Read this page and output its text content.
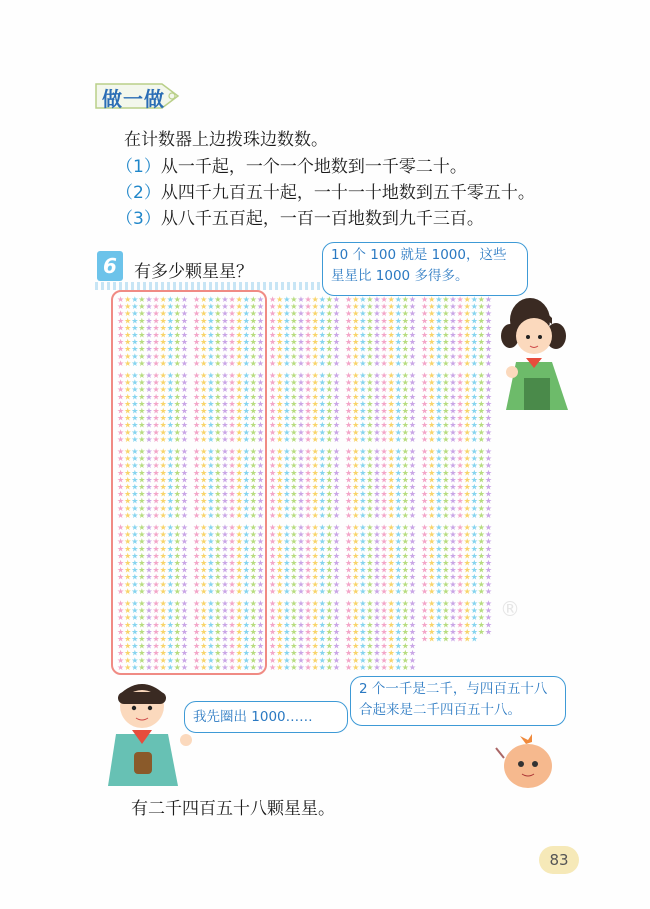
做一做
在计数器上边拨珠边数数。
（1）从一千起，一个一个地数到一千零二十。
（2）从四千九百五十起，一十一十地数到五千零五十。
（3）从八千五百起，一百一百地数到九千三百。
6	有多少颗星星？
10 个 100 就是 1000，这些
星星比 1000 多得多。
★ ★ ★ ★ ★ ★ ★ ★ ★ ★
★ ★ ★ ★ ★ ★ ★ ★ ★ ★
★ ★ ★ ★ ★ ★ ★ ★ ★ ★
★ ★ ★ ★ ★ ★ ★ ★ ★ ★
★ ★ ★ ★ ★ ★ ★ ★ ★ ★
★ ★ ★ ★ ★ ★ ★ ★ ★ ★
★ ★ ★ ★ ★ ★ ★ ★ ★ ★
★ ★ ★ ★ ★ ★ ★ ★ ★ ★
★ ★ ★ ★ ★ ★ ★ ★ ★ ★
★ ★ ★ ★ ★ ★ ★ ★ ★ ★
★ ★ ★ ★ ★ ★ ★ ★ ★ ★
★ ★ ★ ★ ★ ★ ★ ★ ★ ★
★ ★ ★ ★ ★ ★ ★ ★ ★ ★
★ ★ ★ ★ ★ ★ ★ ★ ★ ★
★ ★ ★ ★ ★ ★ ★ ★ ★ ★
★ ★ ★ ★ ★ ★ ★ ★ ★ ★
★ ★ ★ ★ ★ ★ ★ ★ ★ ★
★ ★ ★ ★ ★ ★ ★ ★ ★ ★
★ ★ ★ ★ ★ ★ ★ ★ ★ ★
★ ★ ★ ★ ★ ★ ★ ★ ★ ★
★ ★ ★ ★ ★ ★ ★ ★ ★ ★
★ ★ ★ ★ ★ ★ ★ ★ ★ ★
★ ★ ★ ★ ★ ★ ★ ★ ★ ★
★ ★ ★ ★ ★ ★ ★ ★ ★ ★
★ ★ ★ ★ ★ ★ ★ ★ ★ ★
★ ★ ★ ★ ★ ★ ★ ★ ★ ★
★ ★ ★ ★ ★ ★ ★ ★ ★ ★
★ ★ ★ ★ ★ ★ ★ ★ ★ ★
★ ★ ★ ★ ★ ★ ★ ★ ★ ★
★ ★ ★ ★ ★ ★ ★ ★ ★ ★
★ ★ ★ ★ ★ ★ ★ ★ ★ ★
★ ★ ★ ★ ★ ★ ★ ★ ★ ★
★ ★ ★ ★ ★ ★ ★ ★ ★ ★
★ ★ ★ ★ ★ ★ ★ ★ ★ ★
★ ★ ★ ★ ★ ★ ★ ★ ★ ★
★ ★ ★ ★ ★ ★ ★ ★ ★ ★
★ ★ ★ ★ ★ ★ ★ ★ ★ ★
★ ★ ★ ★ ★ ★ ★ ★ ★ ★
★ ★ ★ ★ ★ ★ ★ ★ ★ ★
★ ★ ★ ★ ★ ★ ★ ★ ★ ★
★ ★ ★ ★ ★ ★ ★ ★ ★ ★
★ ★ ★ ★ ★ ★ ★ ★ ★ ★
★ ★ ★ ★ ★ ★ ★ ★ ★ ★
★ ★ ★ ★ ★ ★ ★ ★ ★ ★
★ ★ ★ ★ ★ ★ ★ ★ ★ ★
★ ★ ★ ★ ★ ★ ★ ★ ★ ★
★ ★ ★ ★ ★ ★ ★ ★ ★ ★
★ ★ ★ ★ ★ ★ ★ ★ ★ ★
★ ★ ★ ★ ★ ★ ★ ★ ★ ★
★ ★ ★ ★ ★ ★ ★ ★ ★ ★
★ ★ ★ ★ ★ ★ ★ ★ ★ ★
★ ★ ★ ★ ★ ★ ★ ★ ★ ★
★ ★ ★ ★ ★ ★ ★ ★ ★ ★
★ ★ ★ ★ ★ ★ ★ ★ ★ ★
★ ★ ★ ★ ★ ★ ★ ★ ★ ★
★ ★ ★ ★ ★ ★ ★ ★ ★ ★
★ ★ ★ ★ ★ ★ ★ ★ ★ ★
★ ★ ★ ★ ★ ★ ★ ★ ★ ★
★ ★ ★ ★ ★ ★ ★ ★ ★ ★
★ ★ ★ ★ ★ ★ ★ ★ ★ ★
★ ★ ★ ★ ★ ★ ★ ★ ★ ★
★ ★ ★ ★ ★ ★ ★ ★ ★ ★
★ ★ ★ ★ ★ ★ ★ ★ ★ ★
★ ★ ★ ★ ★ ★ ★ ★ ★ ★
★ ★ ★ ★ ★ ★ ★ ★ ★ ★
★ ★ ★ ★ ★ ★ ★ ★ ★ ★
★ ★ ★ ★ ★ ★ ★ ★ ★ ★
★ ★ ★ ★ ★ ★ ★ ★ ★ ★
★ ★ ★ ★ ★ ★ ★ ★ ★ ★
★ ★ ★ ★ ★ ★ ★ ★ ★ ★
★ ★ ★ ★ ★ ★ ★ ★ ★ ★
★ ★ ★ ★ ★ ★ ★ ★ ★ ★
★ ★ ★ ★ ★ ★ ★ ★ ★ ★
★ ★ ★ ★ ★ ★ ★ ★ ★ ★
★ ★ ★ ★ ★ ★ ★ ★ ★ ★
★ ★ ★ ★ ★ ★ ★ ★ ★ ★
★ ★ ★ ★ ★ ★ ★ ★ ★ ★
★ ★ ★ ★ ★ ★ ★ ★ ★ ★
★ ★ ★ ★ ★ ★ ★ ★ ★ ★
★ ★ ★ ★ ★ ★ ★ ★ ★ ★
★ ★ ★ ★ ★ ★ ★ ★ ★ ★
★ ★ ★ ★ ★ ★ ★ ★ ★ ★
★ ★ ★ ★ ★ ★ ★ ★ ★ ★
★ ★ ★ ★ ★ ★ ★ ★ ★ ★
★ ★ ★ ★ ★ ★ ★ ★ ★ ★
★ ★ ★ ★ ★ ★ ★ ★ ★ ★
★ ★ ★ ★ ★ ★ ★ ★ ★ ★
★ ★ ★ ★ ★ ★ ★ ★ ★ ★
★ ★ ★ ★ ★ ★ ★ ★ ★ ★
★ ★ ★ ★ ★ ★ ★ ★ ★ ★
★ ★ ★ ★ ★ ★ ★ ★ ★ ★
★ ★ ★ ★ ★ ★ ★ ★ ★ ★
★ ★ ★ ★ ★ ★ ★ ★ ★ ★
★ ★ ★ ★ ★ ★ ★ ★ ★ ★
★ ★ ★ ★ ★ ★ ★ ★ ★ ★
★ ★ ★ ★ ★ ★ ★ ★ ★ ★
★ ★ ★ ★ ★ ★ ★ ★ ★ ★
★ ★ ★ ★ ★ ★ ★ ★ ★ ★
★ ★ ★ ★ ★ ★ ★ ★ ★ ★
★ ★ ★ ★ ★ ★ ★ ★ ★ ★
★ ★ ★ ★ ★ ★ ★ ★ ★ ★
★ ★ ★ ★ ★ ★ ★ ★ ★ ★
★ ★ ★ ★ ★ ★ ★ ★ ★ ★
★ ★ ★ ★ ★ ★ ★ ★ ★ ★
★ ★ ★ ★ ★ ★ ★ ★ ★ ★
★ ★ ★ ★ ★ ★ ★ ★ ★ ★
★ ★ ★ ★ ★ ★ ★ ★ ★ ★
★ ★ ★ ★ ★ ★ ★ ★ ★ ★
★ ★ ★ ★ ★ ★ ★ ★ ★ ★
★ ★ ★ ★ ★ ★ ★ ★ ★ ★
★ ★ ★ ★ ★ ★ ★ ★ ★ ★
★ ★ ★ ★ ★ ★ ★ ★ ★ ★
★ ★ ★ ★ ★ ★ ★ ★ ★ ★
★ ★ ★ ★ ★ ★ ★ ★ ★ ★
★ ★ ★ ★ ★ ★ ★ ★ ★ ★
★ ★ ★ ★ ★ ★ ★ ★ ★ ★
★ ★ ★ ★ ★ ★ ★ ★ ★ ★
★ ★ ★ ★ ★ ★ ★ ★ ★ ★
★ ★ ★ ★ ★ ★ ★ ★ ★ ★
★ ★ ★ ★ ★ ★ ★ ★ ★ ★
★ ★ ★ ★ ★ ★ ★ ★ ★ ★
★ ★ ★ ★ ★ ★ ★ ★ ★ ★
★ ★ ★ ★ ★ ★ ★ ★ ★ ★
★ ★ ★ ★ ★ ★ ★ ★ ★ ★
★ ★ ★ ★ ★ ★ ★ ★ ★ ★
★ ★ ★ ★ ★ ★ ★ ★ ★ ★
★ ★ ★ ★ ★ ★ ★ ★ ★ ★
★ ★ ★ ★ ★ ★ ★ ★ ★ ★
★ ★ ★ ★ ★ ★ ★ ★ ★ ★
★ ★ ★ ★ ★ ★ ★ ★ ★ ★
★ ★ ★ ★ ★ ★ ★ ★ ★ ★
★ ★ ★ ★ ★ ★ ★ ★ ★ ★
★ ★ ★ ★ ★ ★ ★ ★ ★ ★
★ ★ ★ ★ ★ ★ ★ ★ ★ ★
★ ★ ★ ★ ★ ★ ★ ★ ★ ★
★ ★ ★ ★ ★ ★ ★ ★ ★ ★
★ ★ ★ ★ ★ ★ ★ ★ ★ ★
★ ★ ★ ★ ★ ★ ★ ★ ★ ★
★ ★ ★ ★ ★ ★ ★ ★ ★ ★
★ ★ ★ ★ ★ ★ ★ ★ ★ ★
★ ★ ★ ★ ★ ★ ★ ★ ★ ★
★ ★ ★ ★ ★ ★ ★ ★ ★ ★
★ ★ ★ ★ ★ ★ ★ ★ ★ ★
★ ★ ★ ★ ★ ★ ★ ★ ★ ★
★ ★ ★ ★ ★ ★ ★ ★ ★ ★
★ ★ ★ ★ ★ ★ ★ ★ ★ ★
★ ★ ★ ★ ★ ★ ★ ★ ★ ★
★ ★ ★ ★ ★ ★ ★ ★ ★ ★
★ ★ ★ ★ ★ ★ ★ ★ ★ ★
★ ★ ★ ★ ★ ★ ★ ★ ★ ★
★ ★ ★ ★ ★ ★ ★ ★ ★ ★
★ ★ ★ ★ ★ ★ ★ ★ ★ ★
★ ★ ★ ★ ★ ★ ★ ★ ★ ★
★ ★ ★ ★ ★ ★ ★ ★ ★ ★
★ ★ ★ ★ ★ ★ ★ ★ ★ ★
★ ★ ★ ★ ★ ★ ★ ★ ★ ★
★ ★ ★ ★ ★ ★ ★ ★ ★ ★
★ ★ ★ ★ ★ ★ ★ ★ ★ ★
★ ★ ★ ★ ★ ★ ★ ★ ★ ★
★ ★ ★ ★ ★ ★ ★ ★ ★ ★
★ ★ ★ ★ ★ ★ ★ ★ ★ ★
★ ★ ★ ★ ★ ★ ★ ★ ★ ★
★ ★ ★ ★ ★ ★ ★ ★ ★ ★
★ ★ ★ ★ ★ ★ ★ ★ ★ ★
★ ★ ★ ★ ★ ★ ★ ★ ★ ★
★ ★ ★ ★ ★ ★ ★ ★ ★ ★
★ ★ ★ ★ ★ ★ ★ ★ ★ ★
★ ★ ★ ★ ★ ★ ★ ★ ★ ★
★ ★ ★ ★ ★ ★ ★ ★ ★ ★
★ ★ ★ ★ ★ ★ ★ ★ ★ ★
★ ★ ★ ★ ★ ★ ★ ★ ★ ★
★ ★ ★ ★ ★ ★ ★ ★ ★ ★
★ ★ ★ ★ ★ ★ ★ ★ ★ ★
★ ★ ★ ★ ★ ★ ★ ★ ★ ★
★ ★ ★ ★ ★ ★ ★ ★ ★ ★
★ ★ ★ ★ ★ ★ ★ ★ ★ ★
★ ★ ★ ★ ★ ★ ★ ★ ★ ★
★ ★ ★ ★ ★ ★ ★ ★ ★ ★
★ ★ ★ ★ ★ ★ ★ ★ ★ ★
★ ★ ★ ★ ★ ★ ★ ★ ★ ★
★ ★ ★ ★ ★ ★ ★ ★ ★ ★
★ ★ ★ ★ ★ ★ ★ ★ ★ ★
★ ★ ★ ★ ★ ★ ★ ★ ★ ★
★ ★ ★ ★ ★ ★ ★ ★ ★ ★
★ ★ ★ ★ ★ ★ ★ ★ ★ ★
★ ★ ★ ★ ★ ★ ★ ★ ★ ★
★ ★ ★ ★ ★ ★ ★ ★ ★ ★
★ ★ ★ ★ ★ ★ ★ ★ ★ ★
★ ★ ★ ★ ★ ★ ★ ★ ★ ★
★ ★ ★ ★ ★ ★ ★ ★ ★ ★
★ ★ ★ ★ ★ ★ ★ ★ ★ ★
★ ★ ★ ★ ★ ★ ★ ★ ★ ★
★ ★ ★ ★ ★ ★ ★ ★ ★ ★
★ ★ ★ ★ ★ ★ ★ ★ ★ ★
★ ★ ★ ★ ★ ★ ★ ★ ★ ★
★ ★ ★ ★ ★ ★ ★ ★ ★ ★
★ ★ ★ ★ ★ ★ ★ ★ ★ ★
★ ★ ★ ★ ★ ★ ★ ★ ★ ★
★ ★ ★ ★ ★ ★ ★ ★ ★ ★
★ ★ ★ ★ ★ ★ ★ ★ ★ ★
★ ★ ★ ★ ★ ★ ★ ★ ★ ★
★ ★ ★ ★ ★ ★ ★ ★ ★ ★
★ ★ ★ ★ ★ ★ ★ ★ ★ ★
★ ★ ★ ★ ★ ★ ★ ★ ★ ★
★ ★ ★ ★ ★ ★ ★ ★ ★ ★
★ ★ ★ ★ ★ ★ ★ ★ ★ ★
★ ★ ★ ★ ★ ★ ★ ★ ★ ★
★ ★ ★ ★ ★ ★ ★ ★ ★ ★
★ ★ ★ ★ ★ ★ ★ ★ ★ ★
★ ★ ★ ★ ★ ★ ★ ★ ★ ★
★ ★ ★ ★ ★ ★ ★ ★ ★ ★
★ ★ ★ ★ ★ ★ ★ ★ ★ ★
★ ★ ★ ★ ★ ★ ★ ★ ★ ★
★ ★ ★ ★ ★ ★ ★ ★ ★ ★
★ ★ ★ ★ ★ ★ ★ ★ ★ ★
★ ★ ★ ★ ★ ★ ★ ★ ★ ★
★ ★ ★ ★ ★ ★ ★ ★ ★ ★
★ ★ ★ ★ ★ ★ ★ ★ ★ ★
★ ★ ★ ★ ★ ★ ★ ★ ★ ★
★ ★ ★ ★ ★ ★ ★ ★ ★ ★
★ ★ ★ ★ ★ ★ ★ ★ ★ ★
★ ★ ★ ★ ★ ★ ★ ★ ★ ★
★ ★ ★ ★ ★ ★ ★ ★ ★ ★
★ ★ ★ ★ ★ ★ ★ ★ ★ ★
★ ★ ★ ★ ★ ★ ★ ★ ★ ★
★ ★ ★ ★ ★ ★ ★ ★ ★ ★
★ ★ ★ ★ ★ ★ ★ ★ ★ ★
★ ★ ★ ★ ★ ★ ★ ★ ★ ★
★ ★ ★ ★ ★ ★ ★ ★ ★ ★
★ ★ ★ ★ ★ ★ ★ ★ ★ ★
★ ★ ★ ★ ★ ★ ★ ★ ★ ★
★ ★ ★ ★ ★ ★ ★ ★ ★ ★
★ ★ ★ ★ ★ ★ ★ ★ ★ ★
★ ★ ★ ★ ★ ★ ★ ★ ★ ★
★ ★ ★ ★ ★ ★ ★ ★ ★ ★
★ ★ ★ ★ ★ ★ ★ ★ ★ ★
★ ★ ★ ★ ★ ★ ★ ★ ★ ★
★ ★ ★ ★ ★ ★ ★ ★ ★ ★
★ ★ ★ ★ ★ ★ ★ ★ ★ ★
★ ★ ★ ★ ★ ★ ★ ★ ★ ★
★ ★ ★ ★ ★ ★ ★ ★ ★ ★
★ ★ ★ ★ ★ ★ ★ ★ ★ ★
★ ★ ★ ★ ★ ★ ★ ★ ★ ★
★ ★ ★ ★ ★ ★ ★ ★ ★ ★
★ ★ ★ ★ ★ ★ ★ ★ ★ ★
★ ★ ★ ★ ★ ★ ★ ★
®
我先圈出 1000……
2 个一千是二千，与四百五十八
合起来是二千四百五十八。
有二千四百五十八颗星星。
83
